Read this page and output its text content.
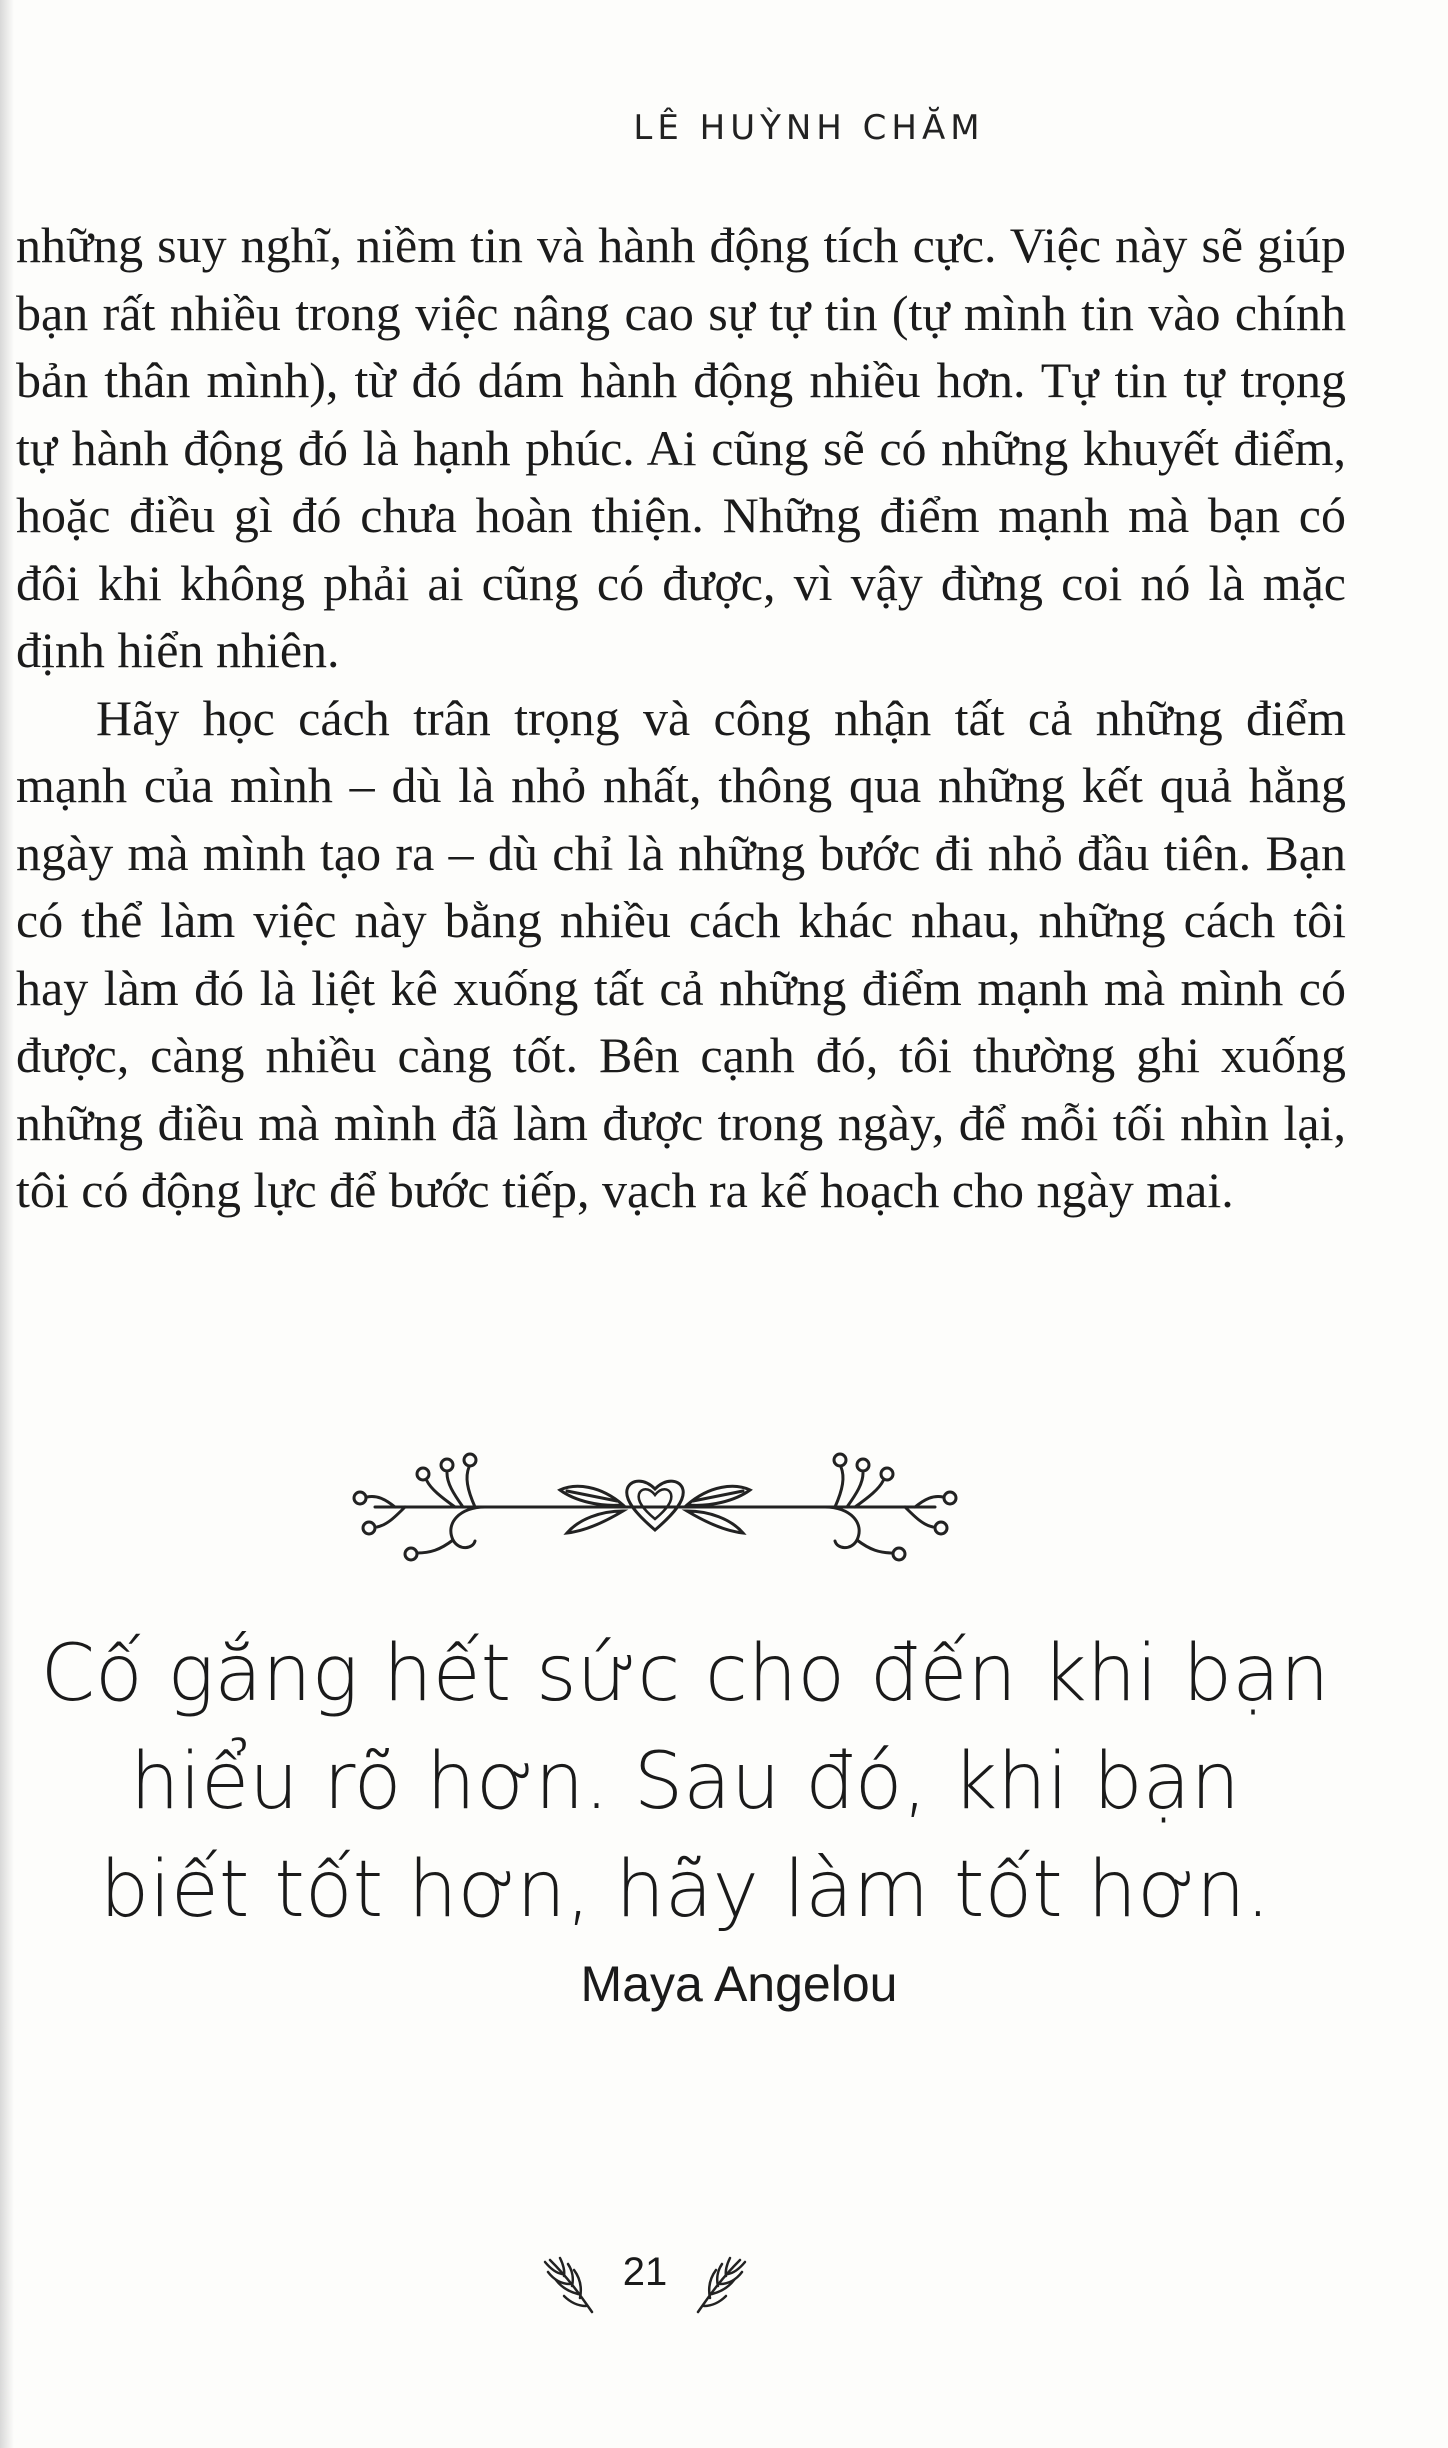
LÊ HUỲNH CHĂM

những suy nghĩ, niềm tin và hành động tích cực. Việc này sẽ giúp bạn rất nhiều trong việc nâng cao sự tự tin (tự mình tin vào chính bản thân mình), từ đó dám hành động nhiều hơn. Tự tin tự trọng tự hành động đó là hạnh phúc. Ai cũng sẽ có những khuyết điểm, hoặc điều gì đó chưa hoàn thiện. Những điểm mạnh mà bạn có đôi khi không phải ai cũng có được, vì vậy đừng coi nó là mặc định hiển nhiên.

Hãy học cách trân trọng và công nhận tất cả những điểm mạnh của mình – dù là nhỏ nhất, thông qua những kết quả hằng ngày mà mình tạo ra – dù chỉ là những bước đi nhỏ đầu tiên. Bạn có thể làm việc này bằng nhiều cách khác nhau, những cách tôi hay làm đó là liệt kê xuống tất cả những điểm mạnh mà mình có được, càng nhiều càng tốt. Bên cạnh đó, tôi thường ghi xuống những điều mà mình đã làm được trong ngày, để mỗi tối nhìn lại, tôi có động lực để bước tiếp, vạch ra kế hoạch cho ngày mai.

Cố gắng hết sức cho đến khi bạn
hiểu rõ hơn. Sau đó, khi bạn
biết tốt hơn, hãy làm tốt hơn.
Maya Angelou
21
